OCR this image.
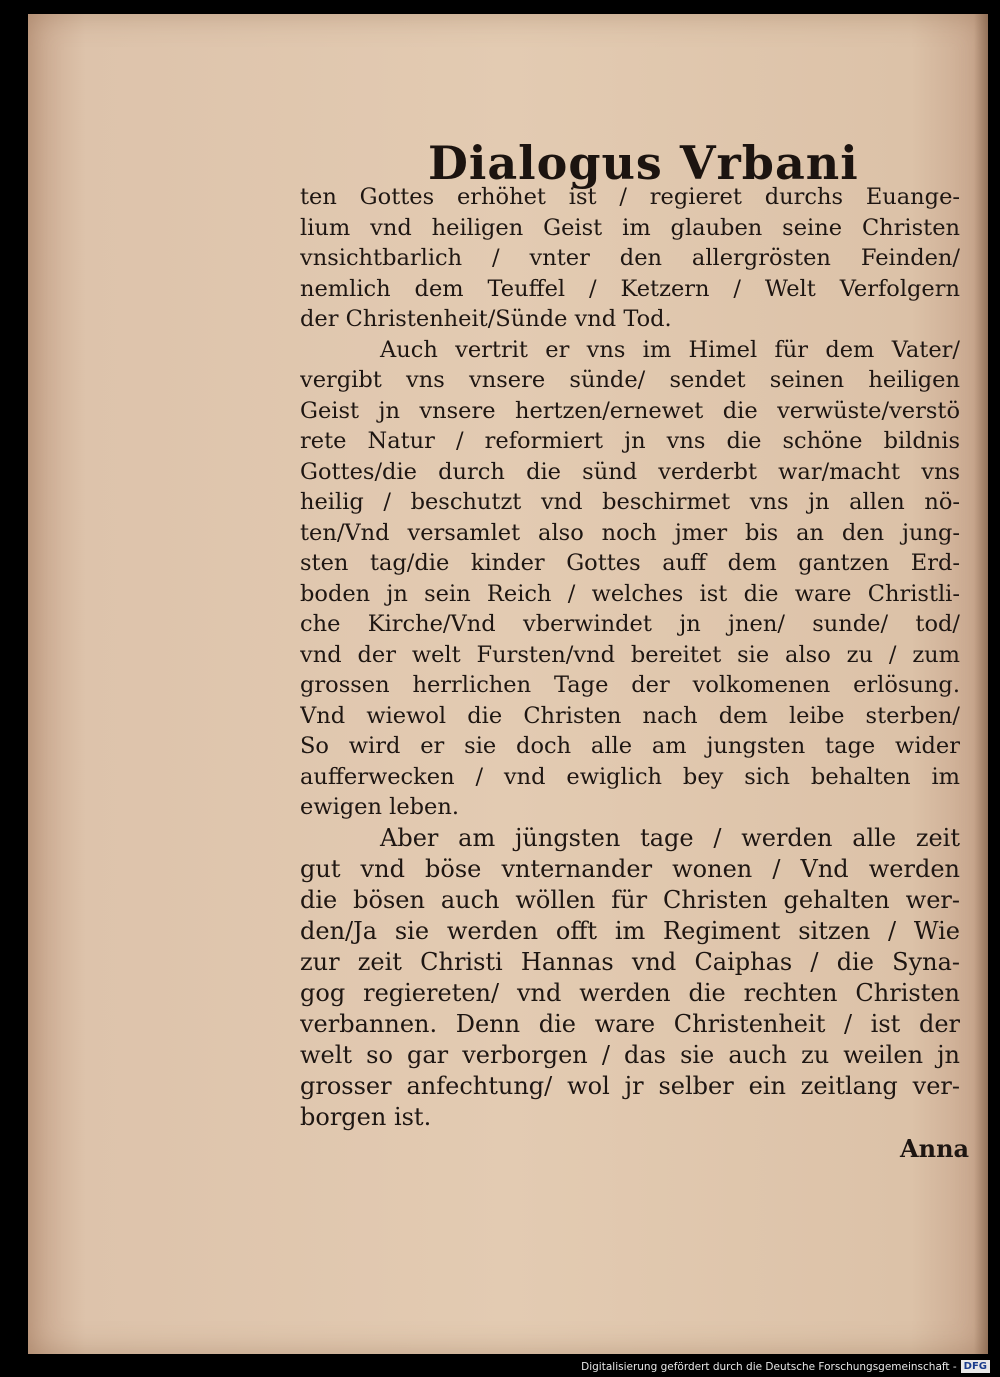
Dialogus Vrbani
ten Gottes erhöhet ist / regieret durchs Euange-
lium vnd heiligen Geist im glauben seine Christen
vnsichtbarlich / vnter den allergrösten Feinden/
nemlich dem Teuffel / Ketzern / Welt Verfolgern
der Christenheit/Sünde vnd Tod.
Auch vertrit er vns im Himel für dem Vater/
vergibt vns vnsere sünde/ sendet seinen heiligen
Geist jn vnsere hertzen/ernewet die verwüste/verstö
rete Natur / reformiert jn vns die schöne bildnis
Gottes/die durch die sünd verderbt war/macht vns
heilig / beschutzt vnd beschirmet vns jn allen nö-
ten/Vnd versamlet also noch jmer bis an den jung-
sten tag/die kinder Gottes auff dem gantzen Erd-
boden jn sein Reich / welches ist die ware Christli-
che Kirche/Vnd vberwindet jn jnen/ sunde/ tod/
vnd der welt Fursten/vnd bereitet sie also zu / zum
grossen herrlichen Tage der volkomenen erlösung.
Vnd wiewol die Christen nach dem leibe sterben/
So wird er sie doch alle am jungsten tage wider
aufferwecken / vnd ewiglich bey sich behalten im
ewigen leben.
Aber am jüngsten tage / werden alle zeit
gut vnd böse vnternander wonen / Vnd werden
die bösen auch wöllen für Christen gehalten wer-
den/Ja sie werden offt im Regiment sitzen / Wie
zur zeit Christi Hannas vnd Caiphas / die Syna-
gog regiereten/ vnd werden die rechten Christen
verbannen. Denn die ware Christenheit / ist der
welt so gar verborgen / das sie auch zu weilen jn
grosser anfechtung/ wol jr selber ein zeitlang ver-
borgen ist.
Anna
Digitalisierung gefördert durch die Deutsche Forschungsgemeinschaft - DFG
